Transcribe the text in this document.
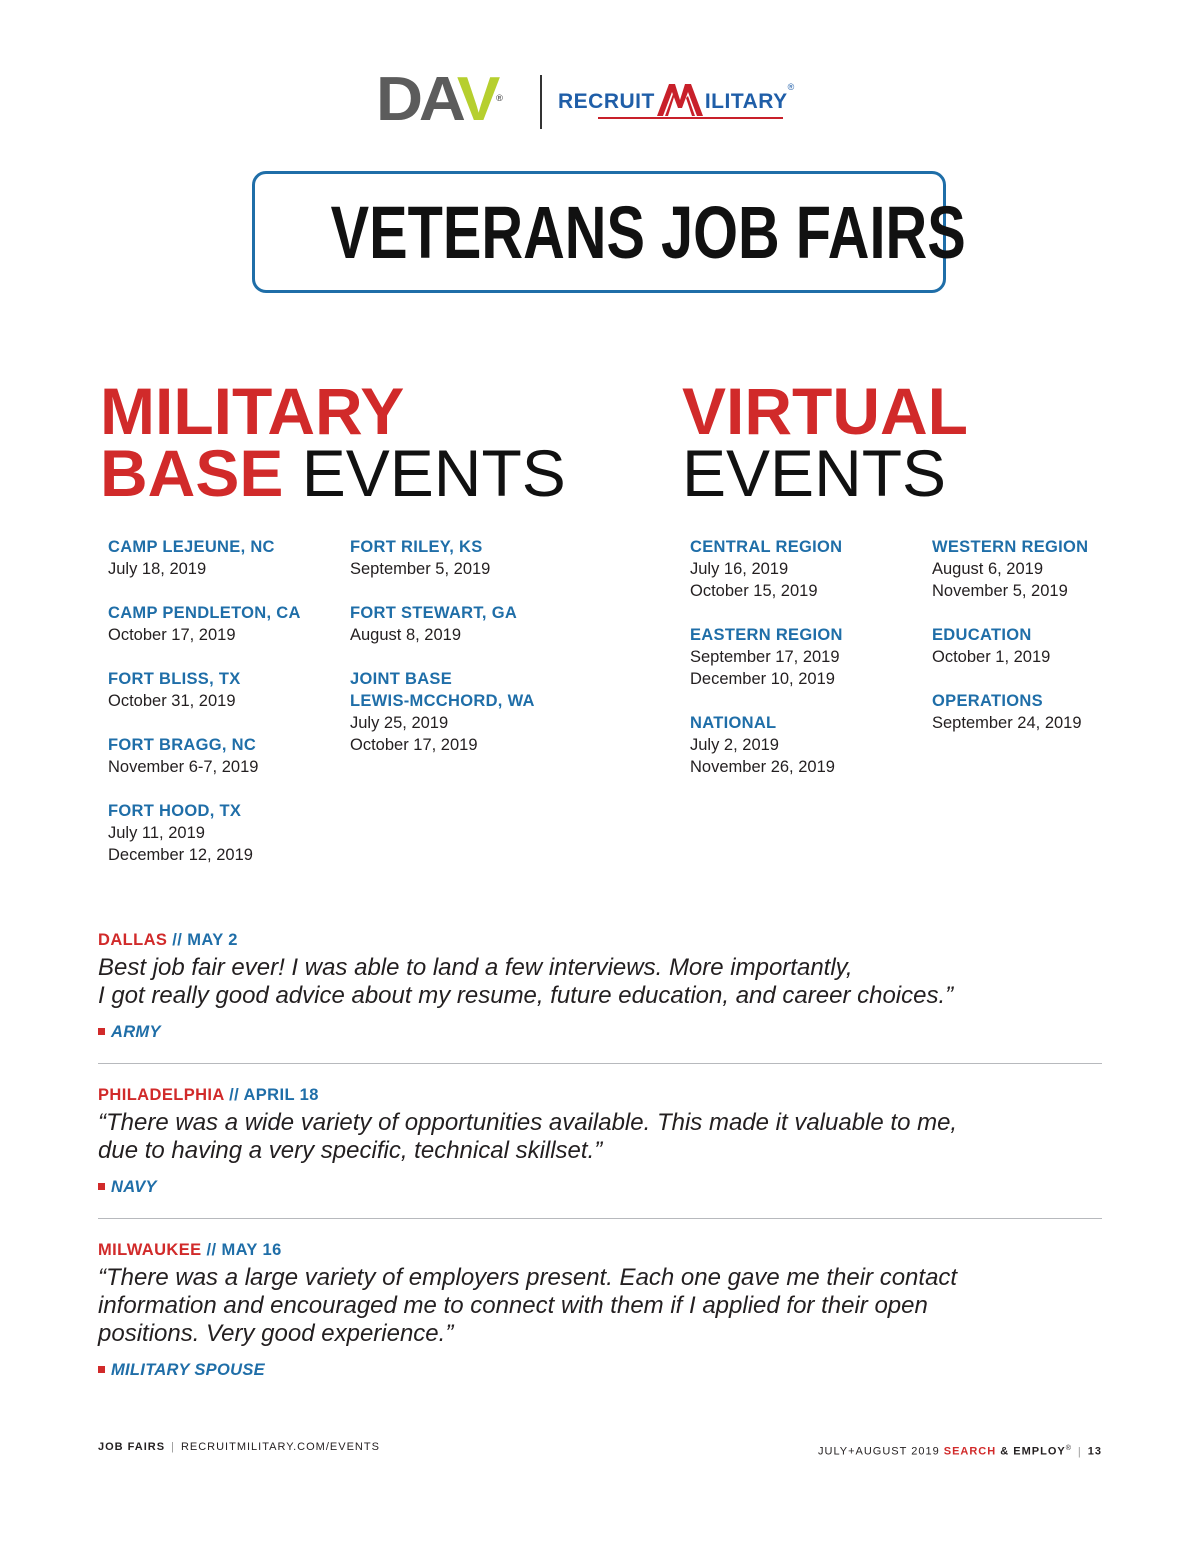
DAV®	RECRUIT ILITARY®
VETERANS JOB FAIRS
MILITARY
BASE EVENTS
VIRTUAL
EVENTS
CAMP LEJEUNE, NC
July 18, 2019
CAMP PENDLETON, CA
October 17, 2019
FORT BLISS, TX
October 31, 2019
FORT BRAGG, NC
November 6-7, 2019
FORT HOOD, TX
July 11, 2019
December 12, 2019
FORT RILEY, KS
September 5, 2019
FORT STEWART, GA
August 8, 2019
JOINT BASE
LEWIS-MCCHORD, WA
July 25, 2019
October 17, 2019
CENTRAL REGION
July 16, 2019
October 15, 2019
EASTERN REGION
September 17, 2019
December 10, 2019
NATIONAL
July 2, 2019
November 26, 2019
WESTERN REGION
August 6, 2019
November 5, 2019
EDUCATION
October 1, 2019
OPERATIONS
September 24, 2019
DALLAS // MAY 2
Best job fair ever! I was able to land a few interviews. More importantly,
I got really good advice about my resume, future education, and career choices.”
ARMY
PHILADELPHIA // APRIL 18
“There was a wide variety of opportunities available. This made it valuable to me,
due to having a very specific, technical skillset.”
NAVY
MILWAUKEE // MAY 16
“There was a large variety of employers present. Each one gave me their contact
information and encouraged me to connect with them if I applied for their open
positions. Very good experience.”
MILITARY SPOUSE
JOB FAIRS | RECRUITMILITARY.COM/EVENTS	JULY+AUGUST 2019 SEARCH & EMPLOY® | 13
